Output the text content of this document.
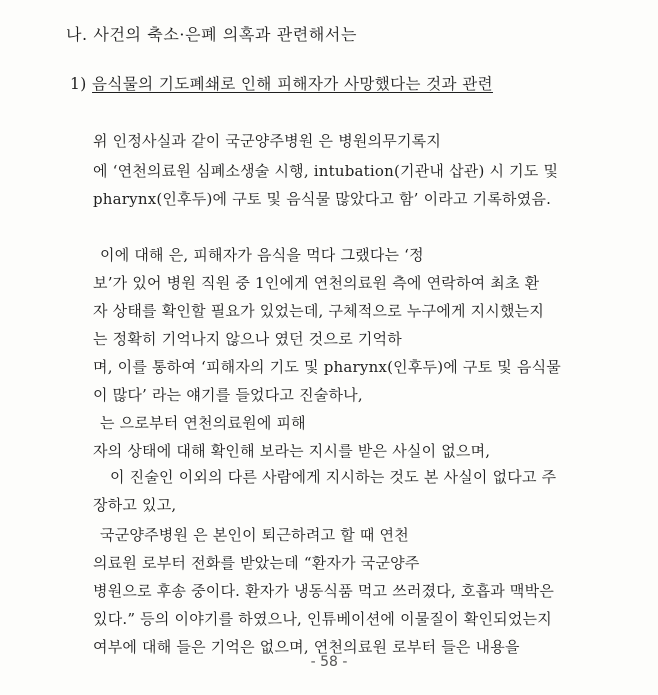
나. 사건의 축소·은폐 의혹과 관련해서는
1) 음식물의 기도폐쇄로 인해 피해자가 사망했다는 것과 관련
위 인정사실과 같이 국군양주병원 은 병원의무기록지
에 ‘연천의료원 심폐소생술 시행, intubation(기관내 삽관) 시 기도 및
pharynx(인후두)에 구토 및 음식물 많았다고 함’ 이라고 기록하였음.
이에 대해 은, 피해자가 음식을 먹다 그랬다는 ‘정
보’가 있어 병원 직원 중 1인에게 연천의료원 측에 연락하여 최초 환
자 상태를 확인할 필요가 있었는데, 구체적으로 누구에게 지시했는지
는 정확히 기억나지 않으나 였던 것으로 기억하
며, 이를 통하여 ‘피해자의 기도 및 pharynx(인후두)에 구토 및 음식물
이 많다’ 라는 얘기를 들었다고 진술하나,
는 으로부터 연천의료원에 피해
자의 상태에 대해 확인해 보라는 지시를 받은 사실이 없으며,
이 진술인 이외의 다른 사람에게 지시하는 것도 본 사실이 없다고 주
장하고 있고,
국군양주병원 은 본인이 퇴근하려고 할 때 연천
의료원 로부터 전화를 받았는데 “환자가 국군양주
병원으로 후송 중이다. 환자가 냉동식품 먹고 쓰러졌다, 호흡과 맥박은
있다.” 등의 이야기를 하였으나, 인튜베이션에 이물질이 확인되었는지
여부에 대해 들은 기억은 없으며, 연천의료원 로부터 들은 내용을
- 58 -
